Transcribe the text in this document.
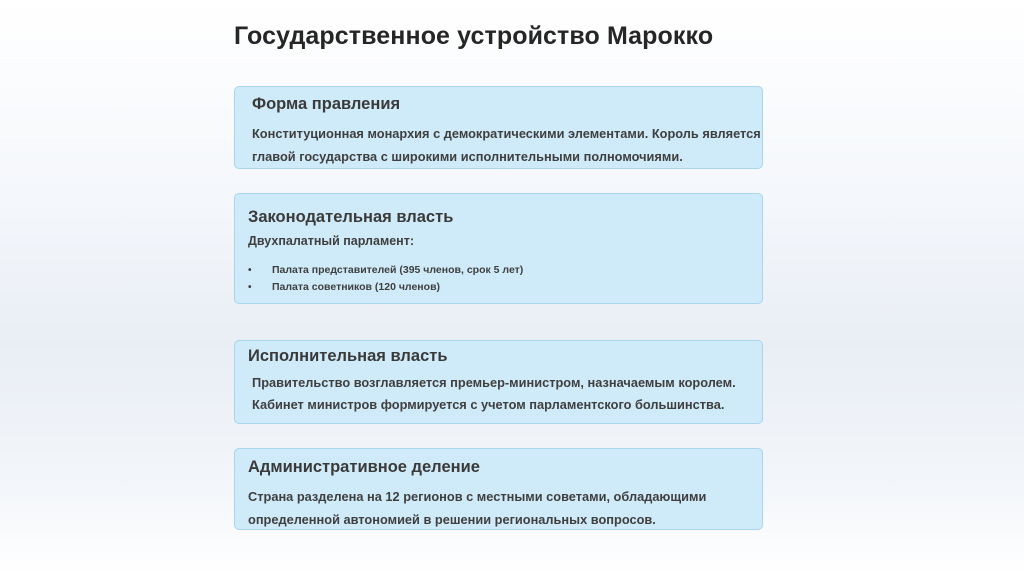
Государственное устройство Марокко
Форма правления

Конституционная монархия с демократическими элементами. Король является

главой государства с широкими исполнительными полномочиями.

Законодательная власть

Двухпалатный парламент:

• Палата представителей (395 членов, срок 5 лет)
• Палата советников (120 членов)
Исполнительная власть

Правительство возглавляется премьер-министром, назначаемым королем.

Кабинет министров формируется с учетом парламентского большинства.

Административное деление

Страна разделена на 12 регионов с местными советами, обладающими

определенной автономией в решении региональных вопросов.
